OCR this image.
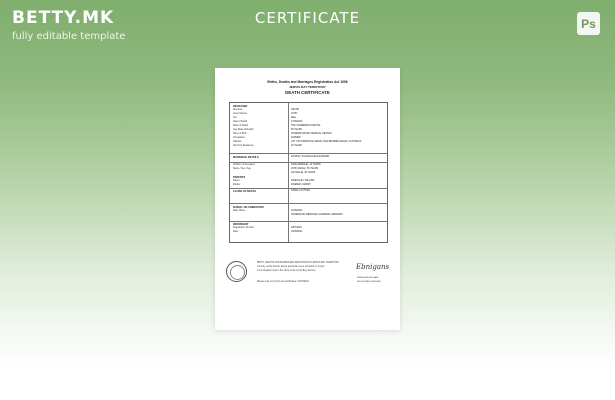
BETTY.MK
fully editable template
CERTIFICATE	Ps
Births, Deaths and Marriages Registration Act 1996
JERVIS BAY TERRITORY
DEATH CERTIFICATE
DECEASED
Surname	CRUSH
Given Names	JOHN
Sex	Male
Date of Death	17/06/2021
Place of Death	THE CANBERRA HOSPITAL
Age (Date of Death)	80 YEARS
Place of Birth	VINDERSTAR BAY MEDICAL CENTER
Occupation	FARMER
Address	LOT 720 PIKEPIKUNA DRIVE, 2540 BRISBEN WALES, AUSTRALIA
Period of Residence	40 YEARS
MARRIAGE DETAILS	FOWLEY, SALFRANCESS EDWARD
Children of deceased	JANE (FEMALE), 12 YEARS;
Name / Sex / Age	JOHN (MALE), 35 YEARS;
JIM (MALE), 30 YEARS
PARENTS
Father	FIRESCLEY, WILLIAM
Mother	FIREMAN, MARRY
CAUSE OF DEATH	ATRIAL FLUTTER
BURIAL OR CREMATION
Date, Place	12/05/2021
HOMEWOOD MEMORIAL GARDENS, DENMARK
INFORMANT
Registration Number	1087/2021
Date	19/06/2021
BIRTH, DEATHS AND MARRIAGES REGISTRATION JERVIS BAY TERRITORY
I hereby certify that the above particulars were extracted or copied
in the Register kept in the office of the Jervis Bay Territory
Please refer any forms and certificates: 01/03/2021
Ebnigans
ERINEGAN MICHAEL
REGISTRAR-GENERAL
